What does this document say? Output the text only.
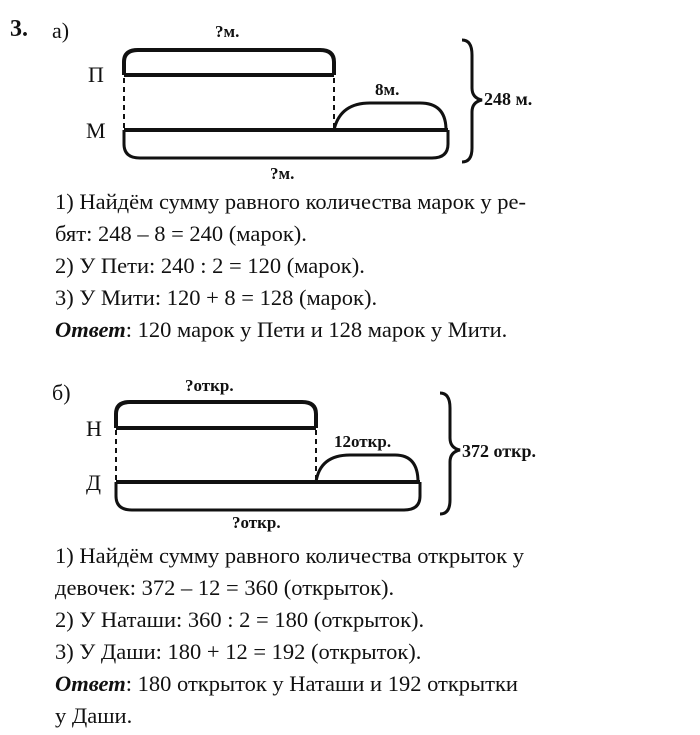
3. а)	?м.
П
М
8м.	248 м.
?м.
1) Найдём сумму равного количества марок у ре-
бят: 248 – 8 = 240 (марок).
2) У Пети: 240 : 2 = 120 (марок).
3) У Мити: 120 + 8 = 128 (марок).
Ответ: 120 марок у Пети и 128 марок у Мити.
б)	?откр.
Н
Д
12откр.	372 откр.
?откр.
1) Найдём сумму равного количества открыток у
девочек: 372 – 12 = 360 (открыток).
2) У Наташи: 360 : 2 = 180 (открыток).
3) У Даши: 180 + 12 = 192 (открыток).
Ответ: 180 открыток у Наташи и 192 открытки
у Даши.
